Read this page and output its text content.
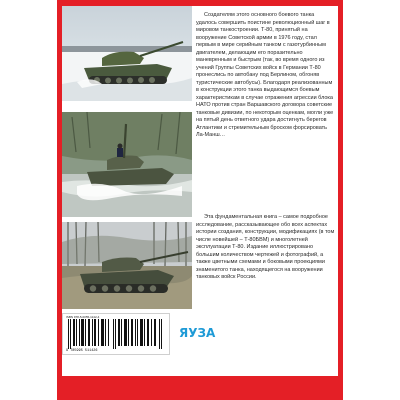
Создателям этого основного боевого танка удалось совершить поистине революционный шаг в мировом танкостроении. Т-80, принятый на вооружение Советской армии в 1976 году, стал первым в мире серийным танком с газотурбинным двигателем, делающим его поразительно маневренным и быстрым (так, во время одного из учений Группы Советских войск в Германии Т-80 пронеслись по автобану под Берлином, обгоняв туристические автобусы). Благодаря реализованным в конструкции этого танка выдающимся боевым характеристикам в случае отражения агрессии блока НАТО против стран Варшавского договора советские танковые дивизии, по некоторым оценкам, могли уже на пятый день ответного удара достигнуть берегов Атлантики и стремительным броском форсировать Ла-Манш…

Эта фундаментальная книга – самое подробное исследование, рассказывающее обо всех аспектах истории создания, конструкции, модификациях (в том числе новейшей – Т-80БВМ) и многолетней эксплуатации Т-80. Издание иллюстрировано большим количеством чертежей и фотографий, а также цветными схемами и боковыми проекциями знаменитого танка, находящегося на вооружении танковых войск России.

ISBN 978-5-0055-1142-4
9 785995 511426
ЯУЗА
